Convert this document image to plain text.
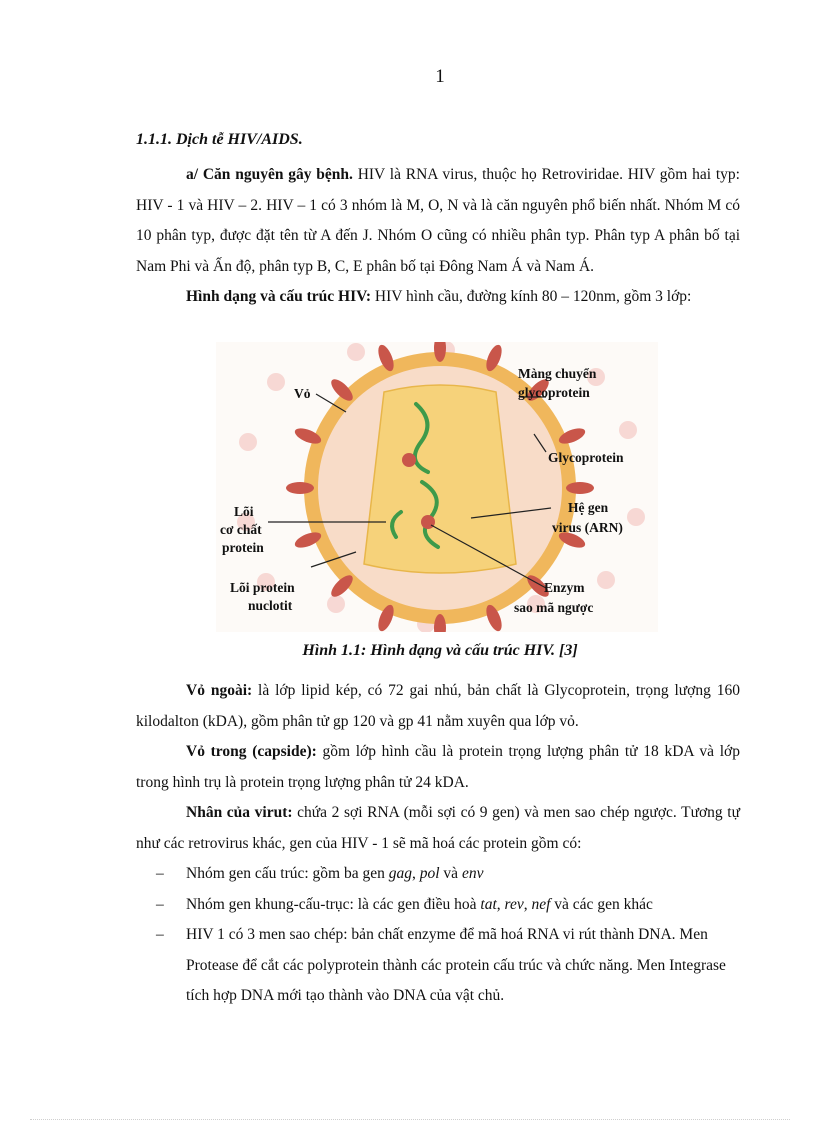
1
1.1.1. Dịch tễ HIV/AIDS.

a/ Căn nguyên gây bệnh. HIV là RNA virus, thuộc họ Retroviridae. HIV gồm hai typ: HIV - 1 và HIV – 2. HIV – 1 có 3 nhóm là M, O, N và là căn nguyên phổ biến nhất. Nhóm M có 10 phân typ, được đặt tên từ A đến J. Nhóm O cũng có nhiều phân typ. Phân typ A phân bố tại Nam Phi và Ấn độ, phân typ B, C, E phân bố tại Đông Nam Á và Nam Á.

Hình dạng và cấu trúc HIV: HIV hình cầu, đường kính 80 – 120nm, gồm 3 lớp:

Vỏ
Màng chuyển
glycoprotein
Glycoprotein
Lõi
cơ chất
protein
Hệ gen
virus (ARN)
Lõi protein
nuclotit
Enzym
sao mã ngược
Hình 1.1: Hình dạng và cấu trúc HIV. [3]

Vỏ ngoài: là lớp lipid kép, có 72 gai nhú, bản chất là Glycoprotein, trọng lượng 160 kilodalton (kDA), gồm phân tử gp 120 và gp 41 nằm xuyên qua lớp vỏ.

Vỏ trong (capside): gồm lớp hình cầu là protein trọng lượng phân tử 18 kDA và lớp trong hình trụ là protein trọng lượng phân tử 24 kDA.

Nhân của virut: chứa 2 sợi RNA (mỗi sợi có 9 gen) và men sao chép ngược. Tương tự như các retrovirus khác, gen của HIV - 1 sẽ mã hoá các protein gồm có:

– Nhóm gen cấu trúc: gồm ba gen gag, pol và env
– Nhóm gen khung-cấu-trục: là các gen điều hoà tat, rev, nef và các gen khác
– HIV 1 có 3 men sao chép: bản chất enzyme để mã hoá RNA vi rút thành DNA. Men Protease để cắt các polyprotein thành các protein cấu trúc và chức năng. Men Integrase tích hợp DNA mới tạo thành vào DNA của vật chủ.
